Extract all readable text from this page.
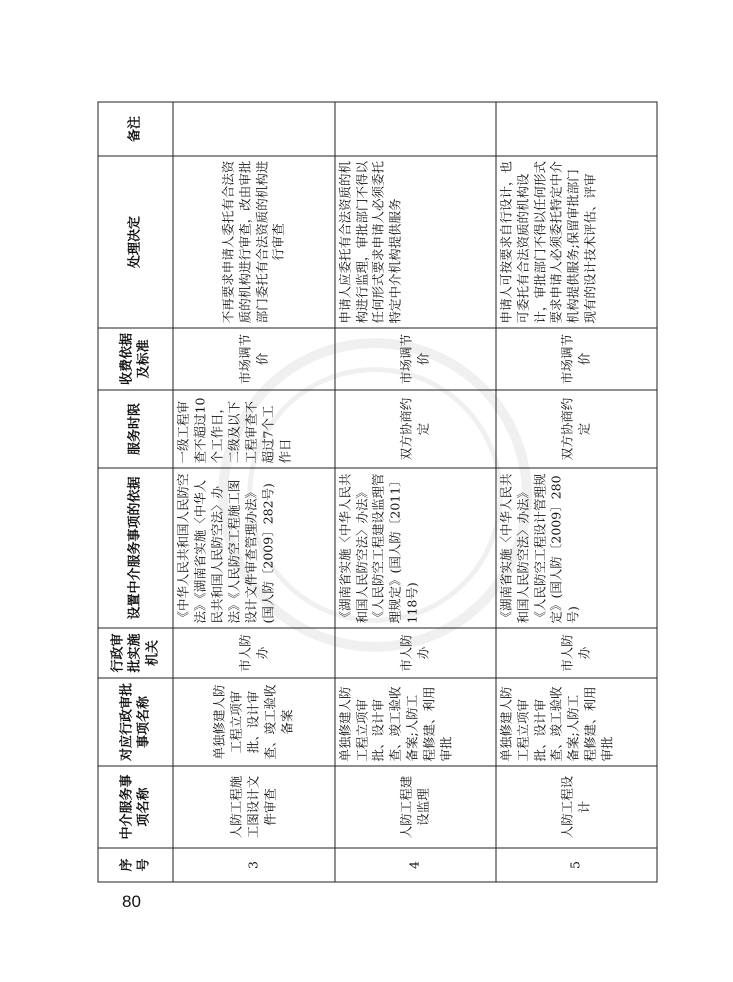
序号	中介服务事项名称	对应行政审批事项名称	行政审批实施机关	设置中介服务事项的依据	服务时限	收费依据及标准	处理决定	备注
3	人防工程施工图设计文件审查	单独修建人防工程立项审批、设计审查、竣工验收备案	市人防办	《中华人民共和国人民防空法》《湖南省实施〈中华人民共和国人民防空法〉办法》《人民防空工程施工图设计文件审查管理办法》(国人防〔2009〕282号)	一级工程审查不超过10个工作日，二级及以下工程审查不超过7个工作日	市场调节价	不再要求申请人委托有合法资质的机构进行审查，改由审批部门委托有合法资质的机构进行审查	
4	人防工程建设监理	单独修建人防工程立项审批、设计审查、竣工验收备案;人防工程修建、利用审批	市人防办	《湖南省实施〈中华人民共和国人民防空法〉办法》《人民防空工程建设监理管理规定》(国人防〔2011〕118号)	双方协商约定	市场调节价	申请人应委托有合法资质的机构进行监理，审批部门不得以任何形式要求申请人必须委托特定中介机构提供服务	
5	人防工程设计	单独修建人防工程立项审批、设计审查、竣工验收备案;人防工程修建、利用审批	市人防办	《湖南省实施〈中华人民共和国人民防空法〉办法》《人民防空工程设计管理规定》(国人防〔2009〕280号)	双方协商约定	市场调节价	申请人可按要求自行设计，也可委托有合法资质的机构设计，审批部门不得以任何形式要求申请人必须委托特定中介机构提供服务;保留审批部门现有的设计技术评估、评审	
80
